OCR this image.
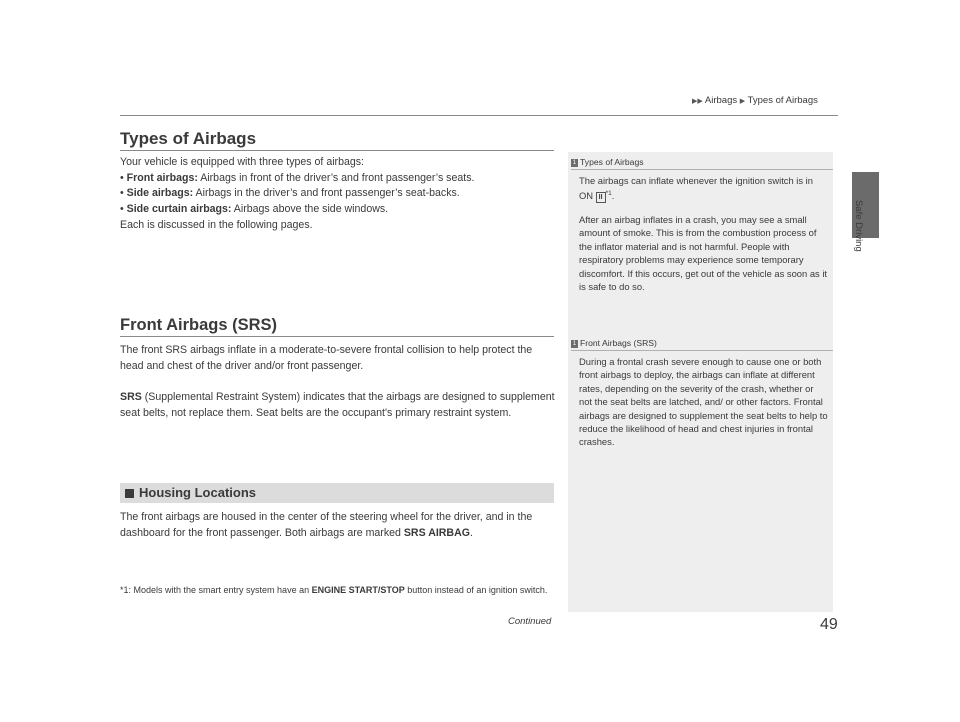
▶▶ Airbags ▶ Types of Airbags
Safe Driving
Types of Airbags
Your vehicle is equipped with three types of airbags:
• Front airbags: Airbags in front of the driver’s and front passenger’s seats.
• Side airbags: Airbags in the driver’s and front passenger’s seat-backs.
• Side curtain airbags: Airbags above the side windows.
Each is discussed in the following pages.
Front Airbags (SRS)
The front SRS airbags inflate in a moderate-to-severe frontal collision to help protect the head and chest of the driver and/or front passenger.
SRS (Supplemental Restraint System) indicates that the airbags are designed to supplement seat belts, not replace them. Seat belts are the occupant's primary restraint system.
Housing Locations
The front airbags are housed in the center of the steering wheel for the driver, and in the dashboard for the front passenger. Both airbags are marked SRS AIRBAG.
*1: Models with the smart entry system have an ENGINE START/STOP button instead of an ignition switch.
1 Types of Airbags
The airbags can inflate whenever the ignition switch is in ON II $^{*1}$.
After an airbag inflates in a crash, you may see a small amount of smoke. This is from the combustion process of the inflator material and is not harmful. People with respiratory problems may experience some temporary discomfort. If this occurs, get out of the vehicle as soon as it is safe to do so.
1 Front Airbags (SRS)
During a frontal crash severe enough to cause one or both front airbags to deploy, the airbags can inflate at different rates, depending on the severity of the crash, whether or not the seat belts are latched, and/ or other factors. Frontal airbags are designed to supplement the seat belts to help to reduce the likelihood of head and chest injuries in frontal crashes.
Continued	49
